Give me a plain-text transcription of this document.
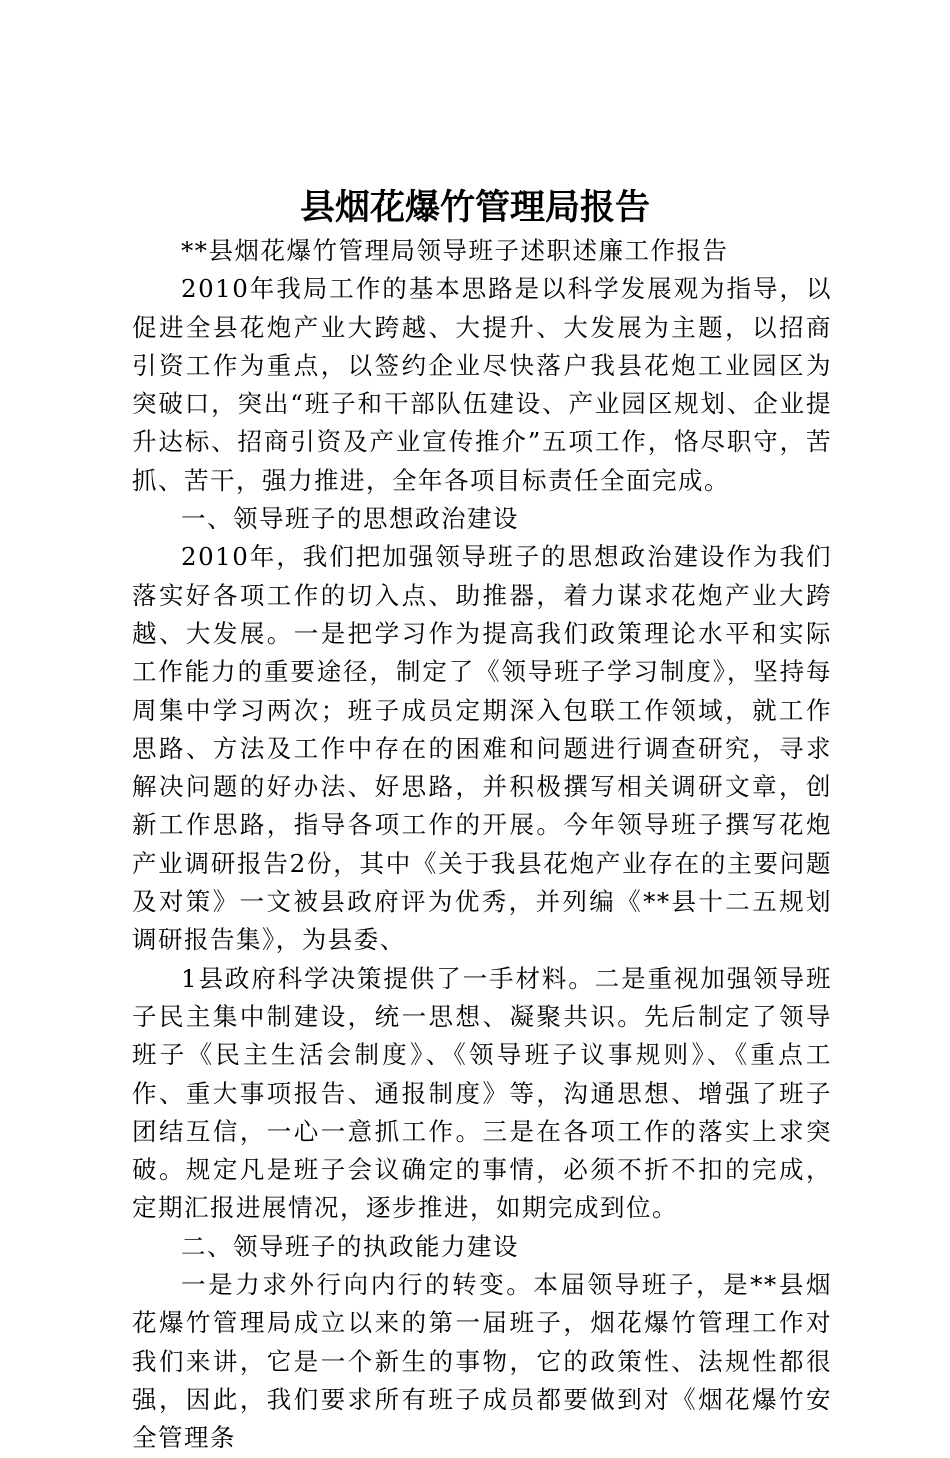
县烟花爆竹管理局报告

**县烟花爆竹管理局领导班子述职述廉工作报告

2010年我局工作的基本思路是以科学发展观为指导，以促进全县花炮产业大跨越、大提升、大发展为主题，以招商引资工作为重点，以签约企业尽快落户我县花炮工业园区为突破口，突出“班子和干部队伍建设、产业园区规划、企业提升达标、招商引资及产业宣传推介”五项工作，恪尽职守，苦抓、苦干，强力推进，全年各项目标责任全面完成。

一、领导班子的思想政治建设

2010年，我们把加强领导班子的思想政治建设作为我们落实好各项工作的切入点、助推器，着力谋求花炮产业大跨越、大发展。一是把学习作为提高我们政策理论水平和实际工作能力的重要途径，制定了《领导班子学习制度》，坚持每周集中学习两次；班子成员定期深入包联工作领域，就工作思路、方法及工作中存在的困难和问题进行调查研究，寻求解决问题的好办法、好思路，并积极撰写相关调研文章，创新工作思路，指导各项工作的开展。今年领导班子撰写花炮产业调研报告2份，其中《关于我县花炮产业存在的主要问题及对策》一文被县政府评为优秀，并列编《**县十二五规划调研报告集》，为县委、

1县政府科学决策提供了一手材料。二是重视加强领导班子民主集中制建设，统一思想、凝聚共识。先后制定了领导班子《民主生活会制度》、《领导班子议事规则》、《重点工作、重大事项报告、通报制度》等，沟通思想、增强了班子团结互信，一心一意抓工作。三是在各项工作的落实上求突破。规定凡是班子会议确定的事情，必须不折不扣的完成，定期汇报进展情况，逐步推进，如期完成到位。

二、领导班子的执政能力建设

一是力求外行向内行的转变。本届领导班子，是**县烟花爆竹管理局成立以来的第一届班子，烟花爆竹管理工作对我们来讲，它是一个新生的事物，它的政策性、法规性都很强，因此，我们要求所有班子成员都要做到对《烟花爆竹安全管理条
